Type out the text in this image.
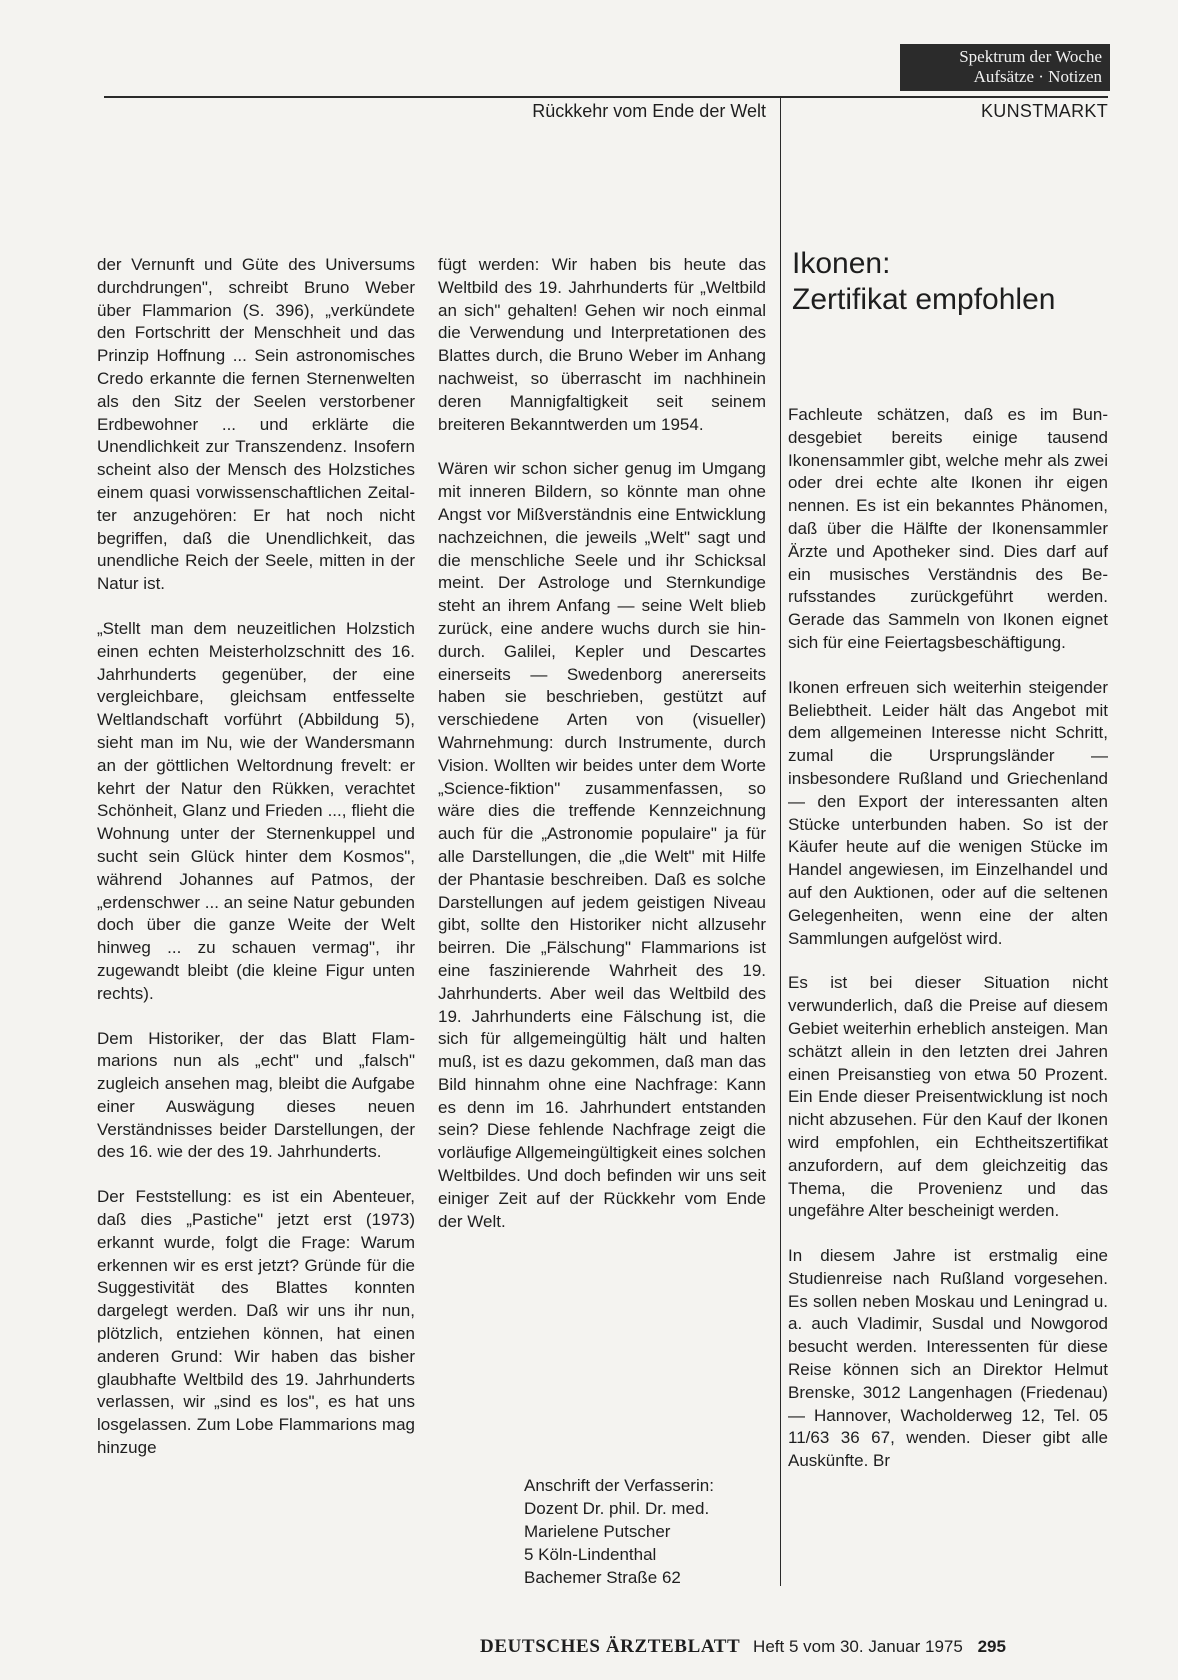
Spektrum der Woche
Aufsätze · Notizen
Rückkehr vom Ende der Welt	KUNSTMARKT

der Vernunft und Güte des Universums durchdrungen", schreibt Bruno Weber über Flammarion (S. 396), „verkündete den Fortschritt der Menschheit und das Prinzip Hoffnung ... Sein astronomisches Credo erkannte die fernen Sternenwelten als den Sitz der Seelen verstorbener Erdbewohner ... und erklärte die Unendlichkeit zur Transzendenz. Insofern scheint also der Mensch des Holzstiches einem quasi vorwissenschaftlichen Zeitalter anzugehören: Er hat noch nicht begriffen, daß die Unendlichkeit, das unendliche Reich der Seele, mitten in der Natur ist.

„Stellt man dem neuzeitlichen Holzstich einen echten Meisterholzschnitt des 16. Jahrhunderts gegenüber, der eine vergleichbare, gleichsam entfesselte Weltlandschaft vorführt (Abbildung 5), sieht man im Nu, wie der Wandersmann an der göttlichen Weltordnung frevelt: er kehrt der Natur den Rükken, verachtet Schönheit, Glanz und Frieden ..., flieht die Wohnung unter der Sternenkuppel und sucht sein Glück hinter dem Kosmos", während Johannes auf Patmos, der „erdenschwer ... an seine Natur gebunden doch über die ganze Weite der Welt hinweg ... zu schauen vermag", ihr zugewandt bleibt (die kleine Figur unten rechts).

Dem Historiker, der das Blatt Flammarions nun als „echt" und „falsch" zugleich ansehen mag, bleibt die Aufgabe einer Auswägung dieses neuen Verständnisses beider Darstellungen, der des 16. wie der des 19. Jahrhunderts.

Der Feststellung: es ist ein Abenteuer, daß dies „Pastiche" jetzt erst (1973) erkannt wurde, folgt die Frage: Warum erkennen wir es erst jetzt? Gründe für die Suggestivität des Blattes konnten dargelegt werden. Daß wir uns ihr nun, plötzlich, entziehen können, hat einen anderen Grund: Wir haben das bisher glaubhafte Weltbild des 19. Jahrhunderts verlassen, wir „sind es los", es hat uns losgelassen. Zum Lobe Flammarions mag hinzuge

fügt werden: Wir haben bis heute das Weltbild des 19. Jahrhunderts für „Weltbild an sich" gehalten! Gehen wir noch einmal die Verwendung und Interpretationen des Blattes durch, die Bruno Weber im Anhang nachweist, so überrascht im nachhinein deren Mannigfaltigkeit seit seinem breiteren Bekanntwerden um 1954.

Wären wir schon sicher genug im Umgang mit inneren Bildern, so könnte man ohne Angst vor Mißverständnis eine Entwicklung nachzeichnen, die jeweils „Welt" sagt und die menschliche Seele und ihr Schicksal meint. Der Astrologe und Sternkundige steht an ihrem Anfang — seine Welt blieb zurück, eine andere wuchs durch sie hindurch. Galilei, Kepler und Descartes einerseits — Swedenborg anererseits haben sie beschrieben, gestützt auf verschiedene Arten von (visueller) Wahrnehmung: durch Instrumente, durch Vision. Wollten wir beides unter dem Worte „Science-fiktion" zusammenfassen, so wäre dies die treffende Kennzeichnung auch für die „Astronomie populaire" ja für alle Darstellungen, die „die Welt" mit Hilfe der Phantasie beschreiben. Daß es solche Darstellungen auf jedem geistigen Niveau gibt, sollte den Historiker nicht allzusehr beirren. Die „Fälschung" Flammarions ist eine faszinierende Wahrheit des 19. Jahrhunderts. Aber weil das Weltbild des 19. Jahrhunderts eine Fälschung ist, die sich für allgemeingültig hält und halten muß, ist es dazu gekommen, daß man das Bild hinnahm ohne eine Nachfrage: Kann es denn im 16. Jahrhundert entstanden sein? Diese fehlende Nachfrage zeigt die vorläufige Allgemeingültigkeit eines solchen Weltbildes. Und doch befinden wir uns seit einiger Zeit auf der Rückkehr vom Ende der Welt.

Anschrift der Verfasserin:
Dozent Dr. phil. Dr. med.
Marielene Putscher
5 Köln-Lindenthal
Bachemer Straße 62
Ikonen:
Zertifikat empfohlen

Fachleute schätzen, daß es im Bundesgebiet bereits einige tausend Ikonensammler gibt, welche mehr als zwei oder drei echte alte Ikonen ihr eigen nennen. Es ist ein bekanntes Phänomen, daß über die Hälfte der Ikonensammler Ärzte und Apotheker sind. Dies darf auf ein musisches Verständnis des Berufsstandes zurückgeführt werden. Gerade das Sammeln von Ikonen eignet sich für eine Feiertagsbeschäftigung.

Ikonen erfreuen sich weiterhin steigender Beliebtheit. Leider hält das Angebot mit dem allgemeinen Interesse nicht Schritt, zumal die Ursprungsländer — insbesondere Rußland und Griechenland — den Export der interessanten alten Stücke unterbunden haben. So ist der Käufer heute auf die wenigen Stücke im Handel angewiesen, im Einzelhandel und auf den Auktionen, oder auf die seltenen Gelegenheiten, wenn eine der alten Sammlungen aufgelöst wird.

Es ist bei dieser Situation nicht verwunderlich, daß die Preise auf diesem Gebiet weiterhin erheblich ansteigen. Man schätzt allein in den letzten drei Jahren einen Preisanstieg von etwa 50 Prozent. Ein Ende dieser Preisentwicklung ist noch nicht abzusehen. Für den Kauf der Ikonen wird empfohlen, ein Echtheitszertifikat anzufordern, auf dem gleichzeitig das Thema, die Provenienz und das ungefähre Alter bescheinigt werden.

In diesem Jahre ist erstmalig eine Studienreise nach Rußland vorgesehen. Es sollen neben Moskau und Leningrad u. a. auch Vladimir, Susdal und Nowgorod besucht werden. Interessenten für diese Reise können sich an Direktor Helmut Brenske, 3012 Langenhagen (Friedenau) — Hannover, Wacholderweg 12, Tel. 05 11/63 36 67, wenden. Dieser gibt alle Auskünfte. Br

DEUTSCHES ÄRZTEBLATT Heft 5 vom 30. Januar 1975 295
